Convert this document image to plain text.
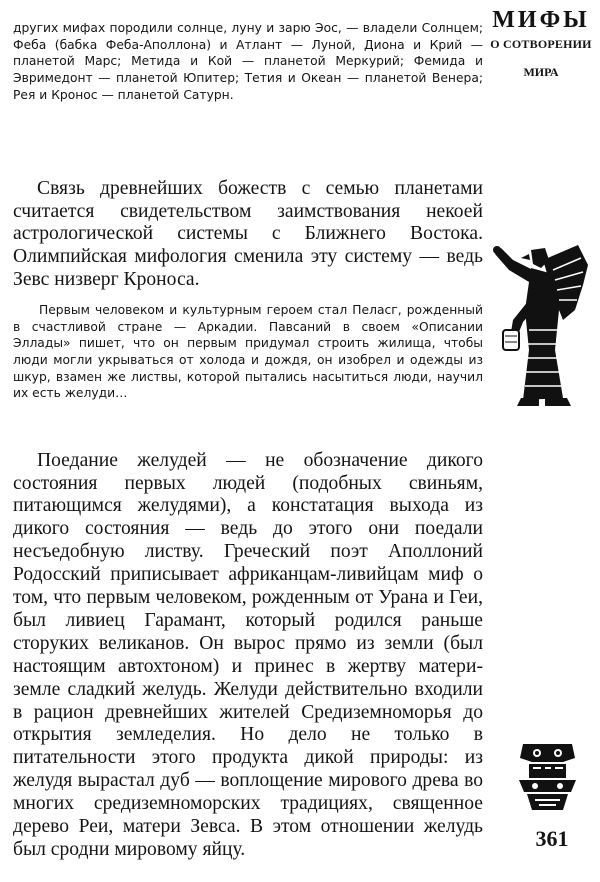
других мифах породили солнце, луну и зарю Эос, — владели Солнцем; Феба (бабка Феба-Аполлона) и Атлант — Луной, Диона и Крий — планетой Марс; Метида и Кой — планетой Меркурий; Фемида и Эвримедонт — планетой Юпитер; Тетия и Океан — планетой Венера; Рея и Кронос — планетой Сатурн.

Связь древнейших божеств с семью планетами считается свидетельством заимствования некоей астрологической системы с Ближнего Востока. Олимпийская мифология сменила эту систему — ведь Зевс низверг Кроноса.

Первым человеком и культурным героем стал Пеласг, рожденный в счастливой стране — Аркадии. Павсаний в своем «Описании Эллады» пишет, что он первым придумал строить жилища, чтобы люди могли укрываться от холода и дождя, он изобрел и одежды из шкур, взамен же листвы, которой пытались насытиться люди, научил их есть желуди…

Поедание желудей — не обозначение дикого состояния первых людей (подобных свиньям, питающимся желудями), а констатация выхода из дикого состояния — ведь до этого они поедали несъедобную листву. Греческий поэт Аполлоний Родосский приписывает африканцам-ливийцам миф о том, что первым человеком, рожденным от Урана и Геи, был ливиец Гарамант, который родился раньше сторуких великанов. Он вырос прямо из земли (был настоящим автохтоном) и принес в жертву матери-земле сладкий желудь. Желуди действительно входили в рацион древнейших жителей Средиземноморья до открытия земледелия. Но дело не только в питательности этого продукта дикой природы: из желудя вырастал дуб — воплощение мирового древа во многих средиземноморских традициях, священное дерево Реи, матери Зевса. В этом отношении желудь был сродни мировому яйцу.

МИФЫ
О СОТВОРЕНИИ
МИРА
361
